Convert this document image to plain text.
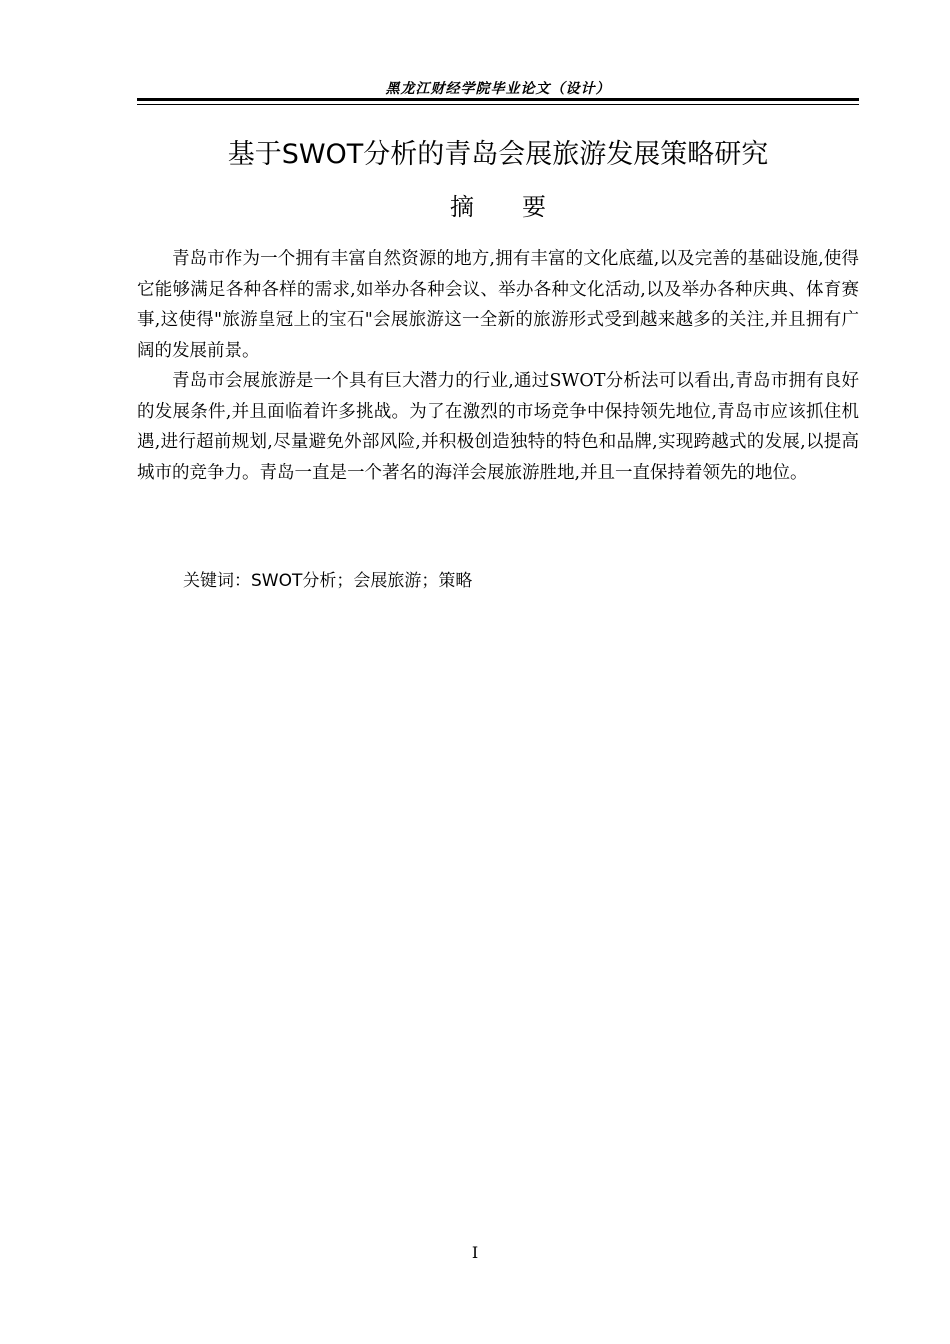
黑龙江财经学院毕业论文（设计）
基于SWOT分析的青岛会展旅游发展策略研究
摘　　要

青岛市作为一个拥有丰富自然资源的地方,拥有丰富的文化底蕴,以及完善的基础设施,使得它能够满足各种各样的需求,如举办各种会议、举办各种文化活动,以及举办各种庆典、体育赛事,这使得"旅游皇冠上的宝石"会展旅游这一全新的旅游形式受到越来越多的关注,并且拥有广阔的发展前景。

青岛市会展旅游是一个具有巨大潜力的行业,通过SWOT分析法可以看出,青岛市拥有良好的发展条件,并且面临着许多挑战。为了在激烈的市场竞争中保持领先地位,青岛市应该抓住机遇,进行超前规划,尽量避免外部风险,并积极创造独特的特色和品牌,实现跨越式的发展,以提高城市的竞争力。青岛一直是一个著名的海洋会展旅游胜地,并且一直保持着领先的地位。

关键词：SWOT分析；会展旅游；策略
I
